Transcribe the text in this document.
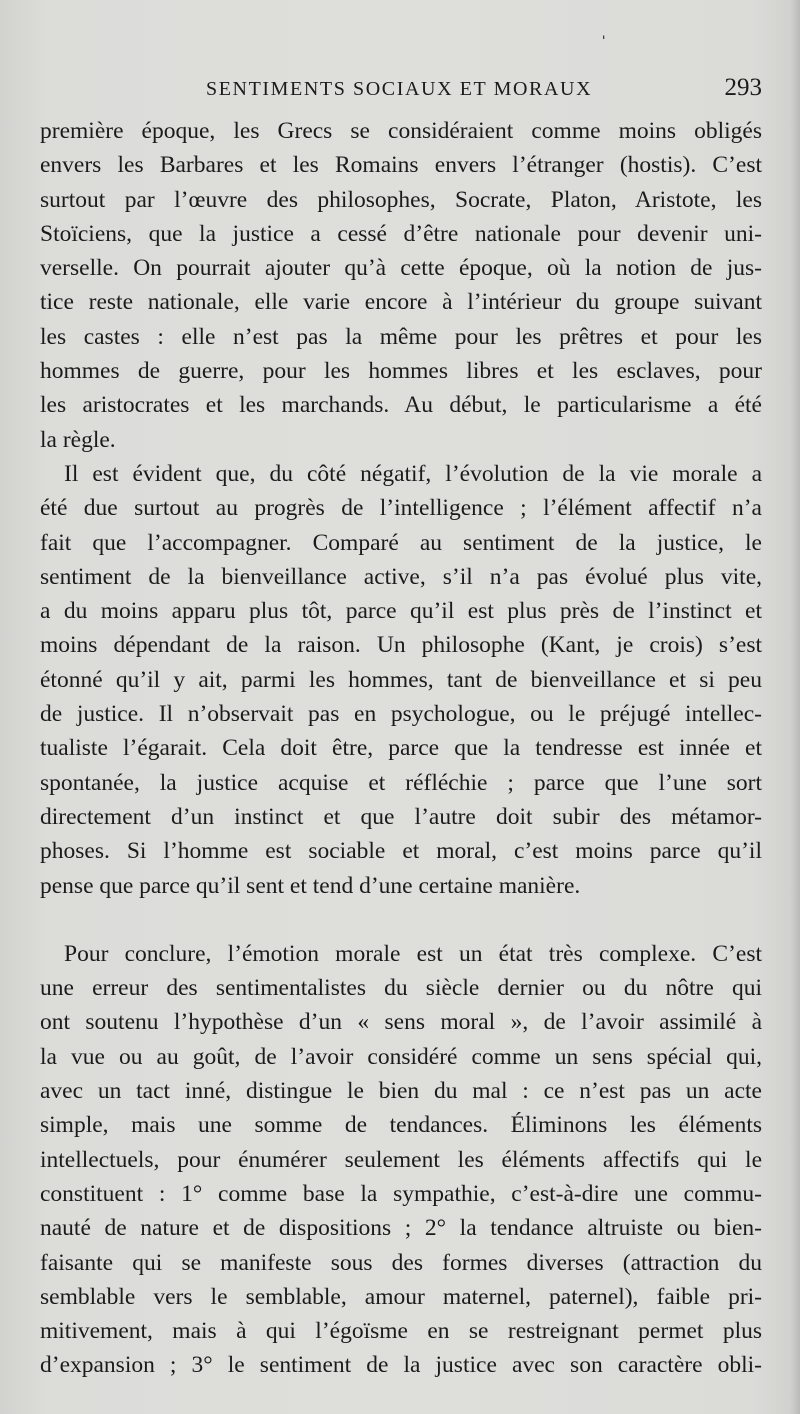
ˌ
SENTIMENTS SOCIAUX ET MORAUX	293
première époque, les Grecs se considéraient comme moins obligés
envers les Barbares et les Romains envers l’étranger (hostis). C’est
surtout par l’œuvre des philosophes, Socrate, Platon, Aristote, les
Stoïciens, que la justice a cessé d’être nationale pour devenir uni-
verselle. On pourrait ajouter qu’à cette époque, où la notion de jus-
tice reste nationale, elle varie encore à l’intérieur du groupe suivant
les castes : elle n’est pas la même pour les prêtres et pour les
hommes de guerre, pour les hommes libres et les esclaves, pour
les aristocrates et les marchands. Au début, le particularisme a été
la règle.
Il est évident que, du côté négatif, l’évolution de la vie morale a
été due surtout au progrès de l’intelligence ; l’élément affectif n’a
fait que l’accompagner. Comparé au sentiment de la justice, le
sentiment de la bienveillance active, s’il n’a pas évolué plus vite,
a du moins apparu plus tôt, parce qu’il est plus près de l’instinct et
moins dépendant de la raison. Un philosophe (Kant, je crois) s’est
étonné qu’il y ait, parmi les hommes, tant de bienveillance et si peu
de justice. Il n’observait pas en psychologue, ou le préjugé intellec-
tualiste l’égarait. Cela doit être, parce que la tendresse est innée et
spontanée, la justice acquise et réfléchie ; parce que l’une sort
directement d’un instinct et que l’autre doit subir des métamor-
phoses. Si l’homme est sociable et moral, c’est moins parce qu’il
pense que parce qu’il sent et tend d’une certaine manière.
Pour conclure, l’émotion morale est un état très complexe. C’est
une erreur des sentimentalistes du siècle dernier ou du nôtre qui
ont soutenu l’hypothèse d’un « sens moral », de l’avoir assimilé à
la vue ou au goût, de l’avoir considéré comme un sens spécial qui,
avec un tact inné, distingue le bien du mal : ce n’est pas un acte
simple, mais une somme de tendances. Éliminons les éléments
intellectuels, pour énumérer seulement les éléments affectifs qui le
constituent : 1° comme base la sympathie, c’est-à-dire une commu-
nauté de nature et de dispositions ; 2° la tendance altruiste ou bien-
faisante qui se manifeste sous des formes diverses (attraction du
semblable vers le semblable, amour maternel, paternel), faible pri-
mitivement, mais à qui l’égoïsme en se restreignant permet plus
d’expansion ; 3° le sentiment de la justice avec son caractère obli-
